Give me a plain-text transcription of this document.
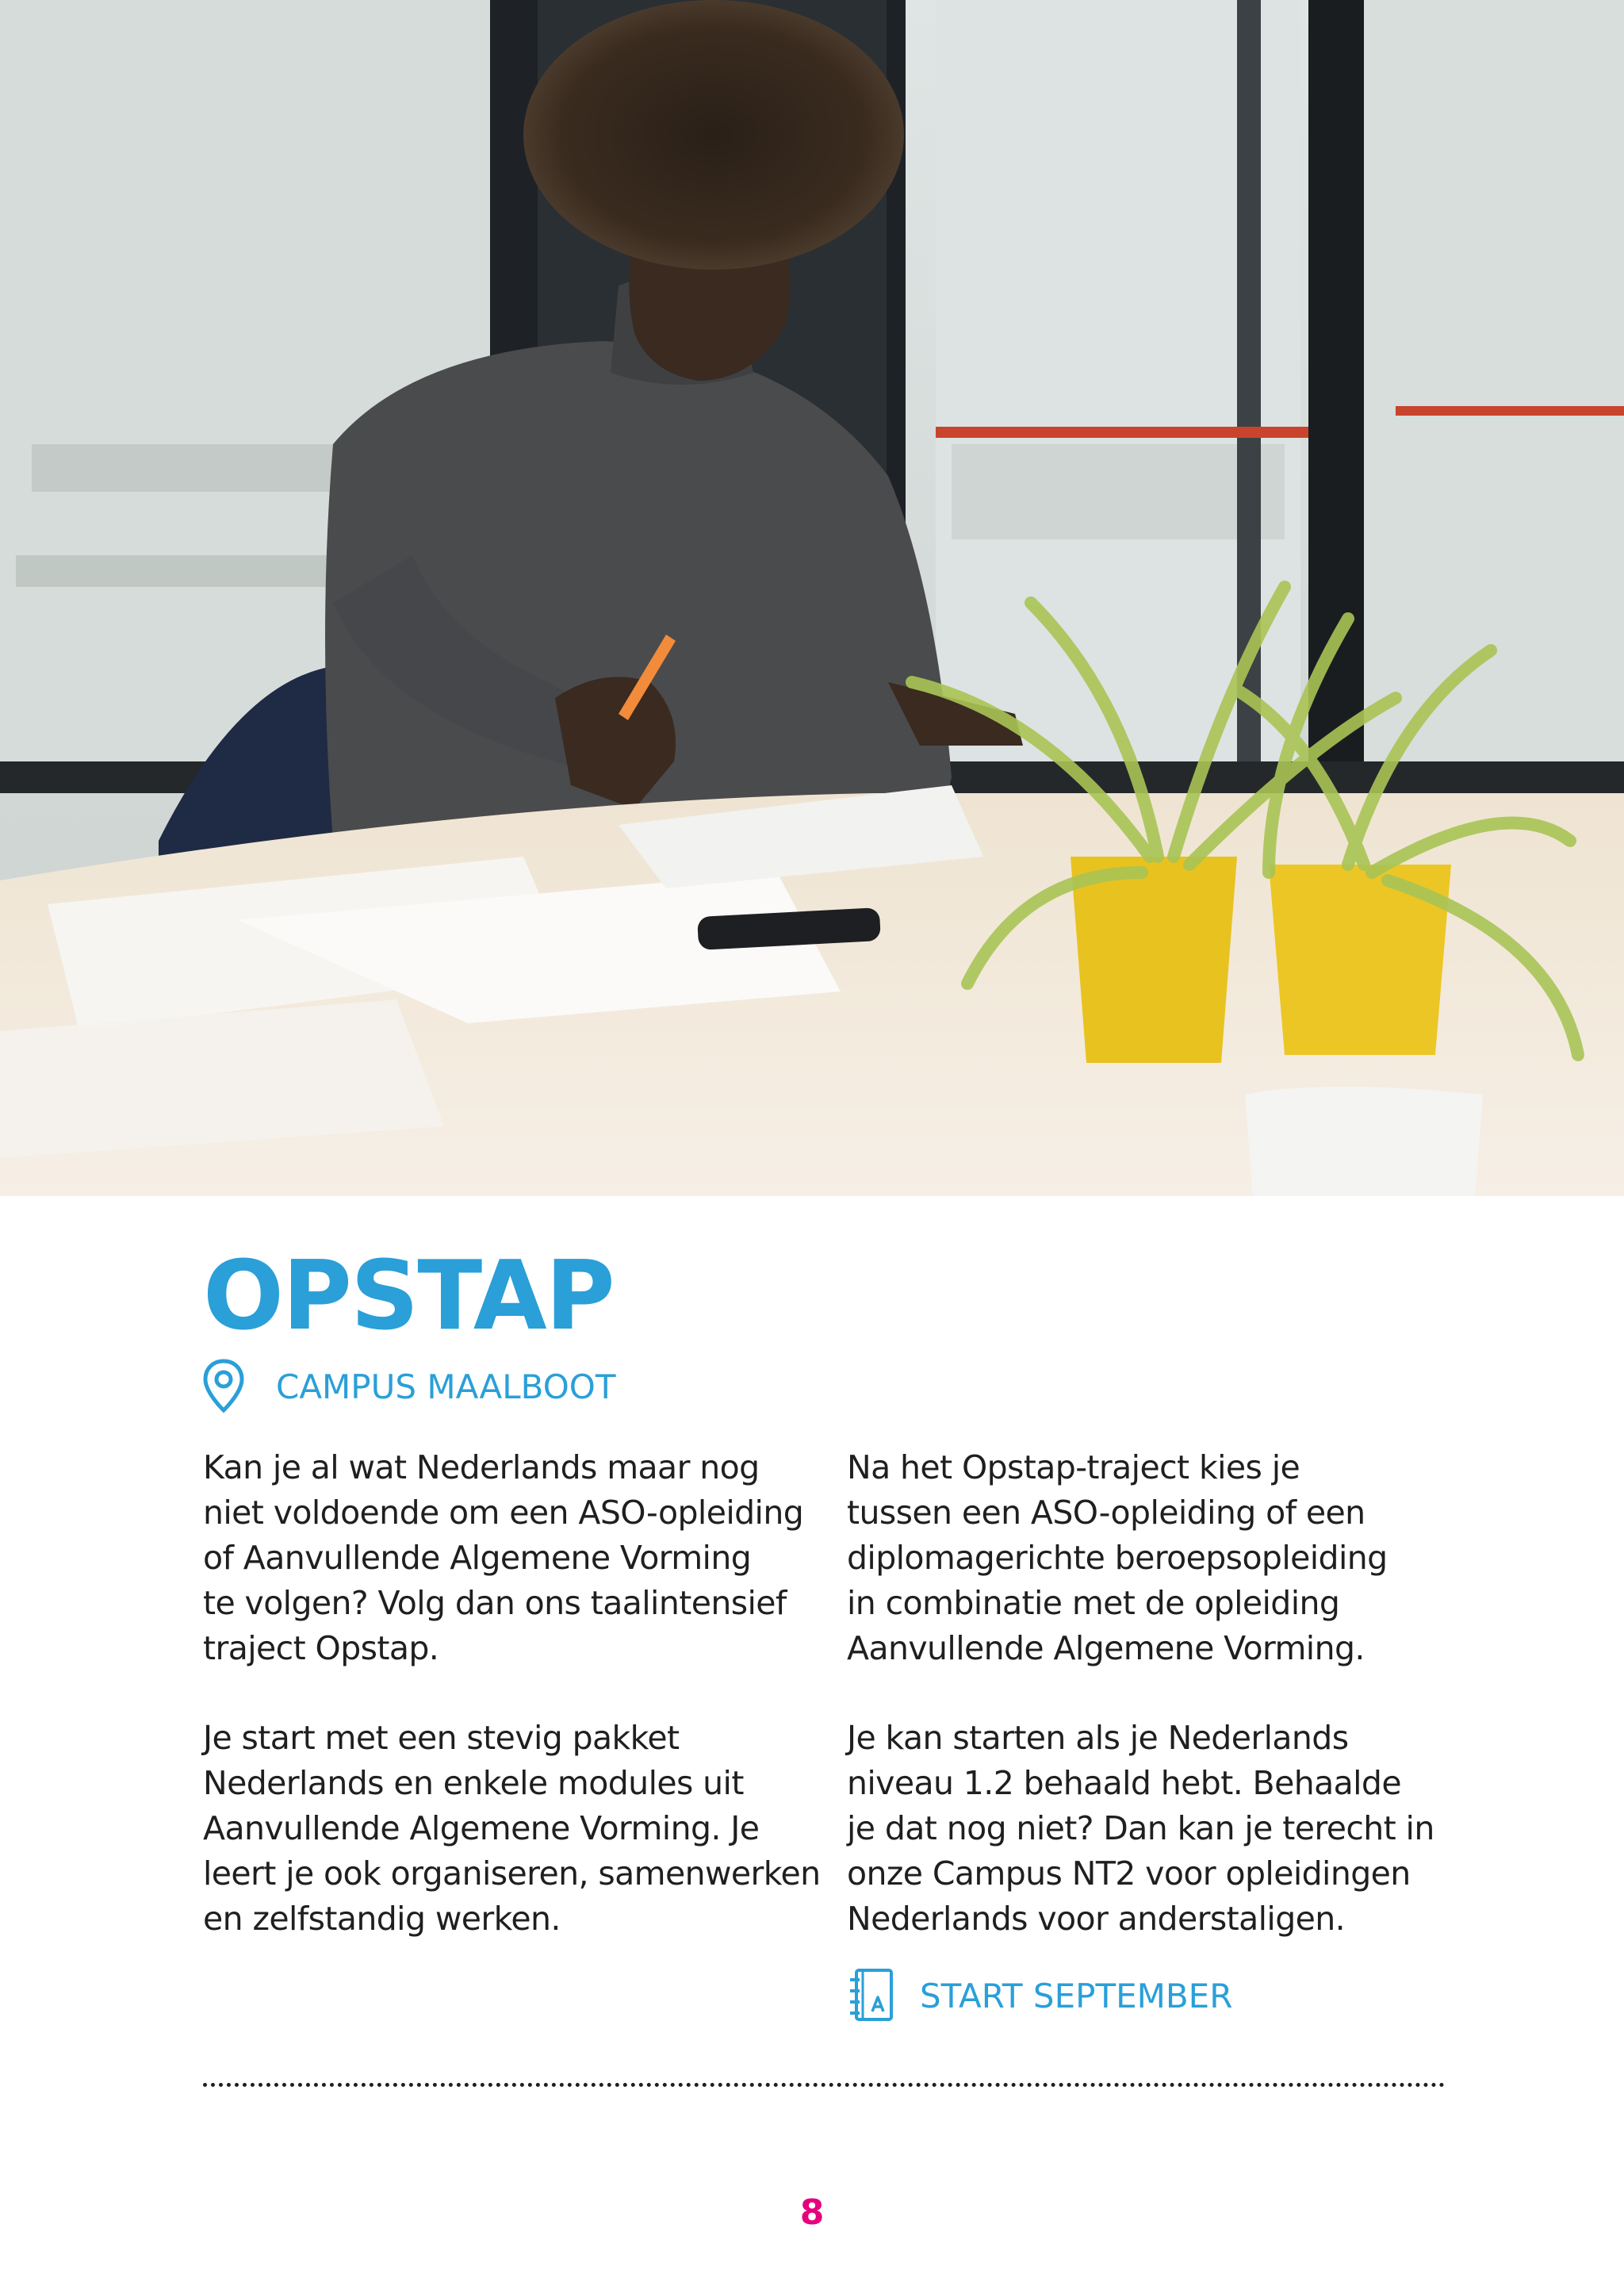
OPSTAP
CAMPUS MAALBOOT

Kan je al wat Nederlands maar nog
niet voldoende om een ASO-opleiding
of Aanvullende Algemene Vorming
te volgen? Volg dan ons taalintensief
traject Opstap.

Je start met een stevig pakket
Nederlands en enkele modules uit
Aanvullende Algemene Vorming. Je
leert je ook organiseren, samenwerken
en zelfstandig werken.

Na het Opstap-traject kies je
tussen een ASO-opleiding of een
diplomagerichte beroepsopleiding
in combinatie met de opleiding
Aanvullende Algemene Vorming.

Je kan starten als je Nederlands
niveau 1.2 behaald hebt. Behaalde
je dat nog niet? Dan kan je terecht in
onze Campus NT2 voor opleidingen
Nederlands voor anderstaligen.

START SEPTEMBER
8
